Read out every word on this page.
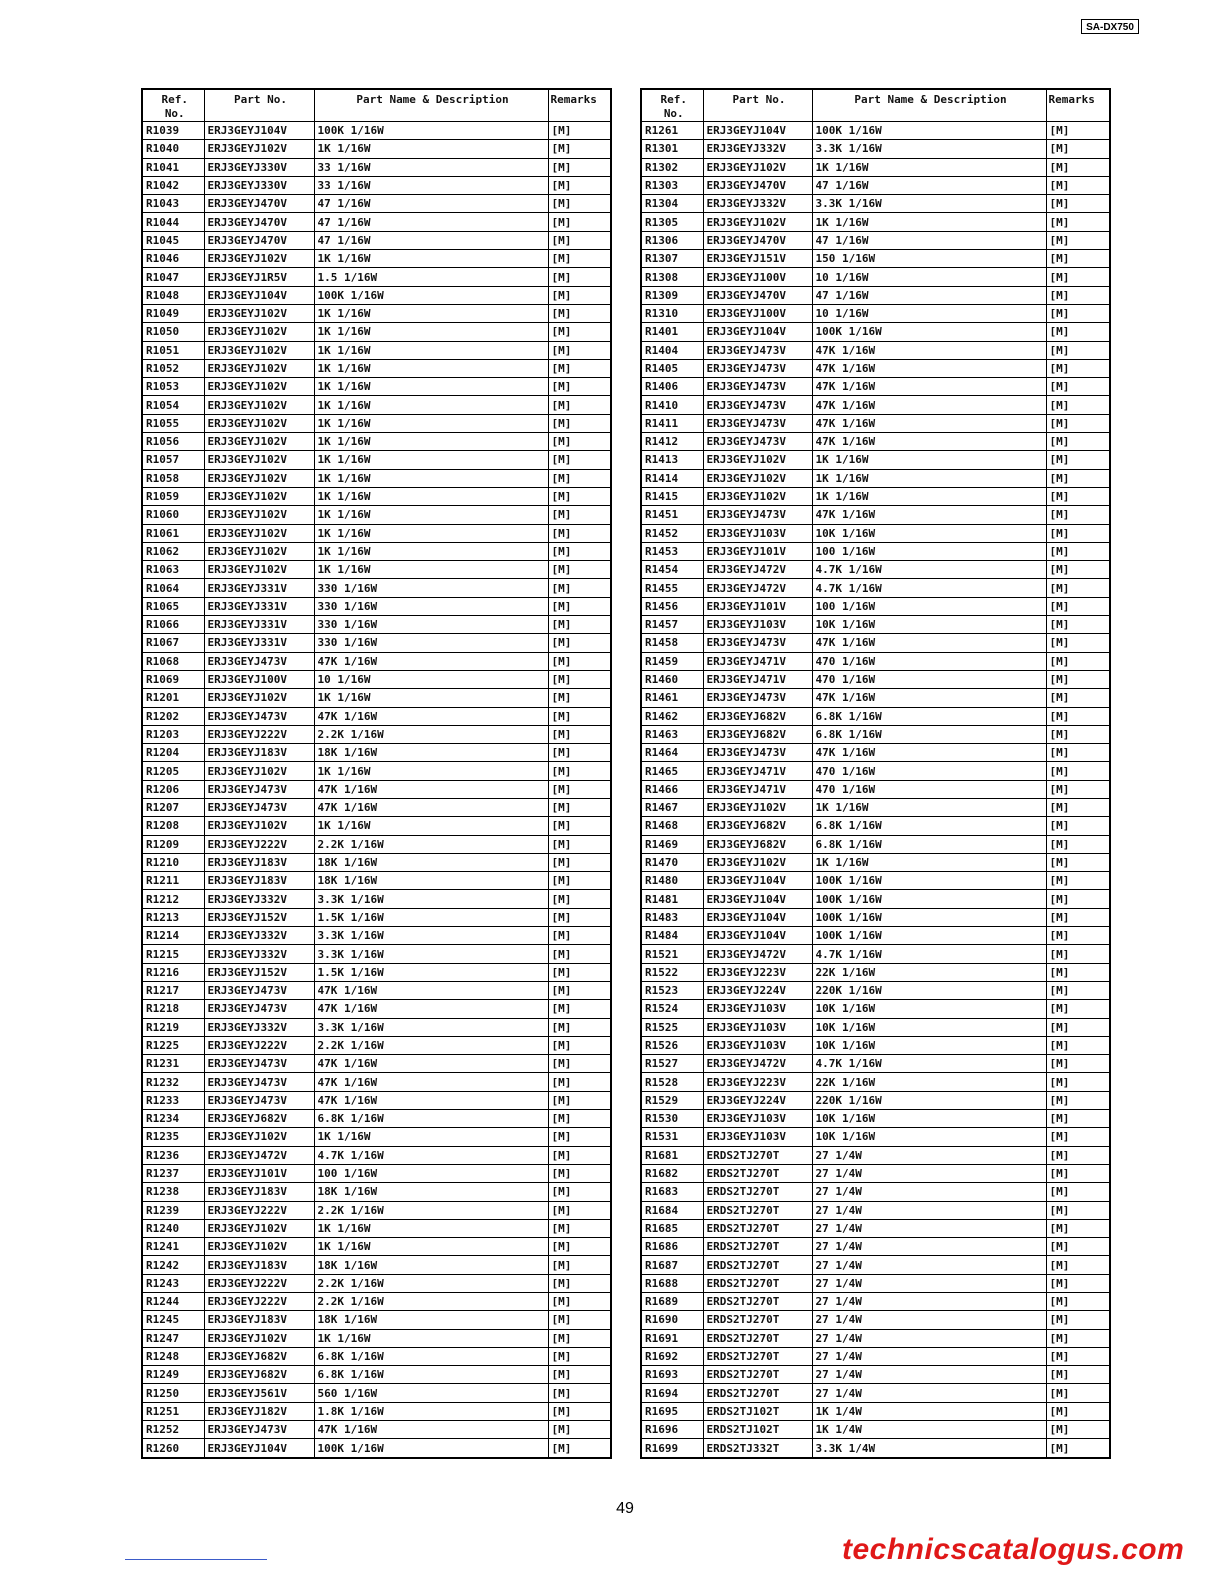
SA-DX750
Ref.
No.	Part No.	Part Name & Description	Remarks
R1039	ERJ3GEYJ104V	100K 1/16W	[M]
R1040	ERJ3GEYJ102V	1K 1/16W	[M]
R1041	ERJ3GEYJ330V	33 1/16W	[M]
R1042	ERJ3GEYJ330V	33 1/16W	[M]
R1043	ERJ3GEYJ470V	47 1/16W	[M]
R1044	ERJ3GEYJ470V	47 1/16W	[M]
R1045	ERJ3GEYJ470V	47 1/16W	[M]
R1046	ERJ3GEYJ102V	1K 1/16W	[M]
R1047	ERJ3GEYJ1R5V	1.5 1/16W	[M]
R1048	ERJ3GEYJ104V	100K 1/16W	[M]
R1049	ERJ3GEYJ102V	1K 1/16W	[M]
R1050	ERJ3GEYJ102V	1K 1/16W	[M]
R1051	ERJ3GEYJ102V	1K 1/16W	[M]
R1052	ERJ3GEYJ102V	1K 1/16W	[M]
R1053	ERJ3GEYJ102V	1K 1/16W	[M]
R1054	ERJ3GEYJ102V	1K 1/16W	[M]
R1055	ERJ3GEYJ102V	1K 1/16W	[M]
R1056	ERJ3GEYJ102V	1K 1/16W	[M]
R1057	ERJ3GEYJ102V	1K 1/16W	[M]
R1058	ERJ3GEYJ102V	1K 1/16W	[M]
R1059	ERJ3GEYJ102V	1K 1/16W	[M]
R1060	ERJ3GEYJ102V	1K 1/16W	[M]
R1061	ERJ3GEYJ102V	1K 1/16W	[M]
R1062	ERJ3GEYJ102V	1K 1/16W	[M]
R1063	ERJ3GEYJ102V	1K 1/16W	[M]
R1064	ERJ3GEYJ331V	330 1/16W	[M]
R1065	ERJ3GEYJ331V	330 1/16W	[M]
R1066	ERJ3GEYJ331V	330 1/16W	[M]
R1067	ERJ3GEYJ331V	330 1/16W	[M]
R1068	ERJ3GEYJ473V	47K 1/16W	[M]
R1069	ERJ3GEYJ100V	10 1/16W	[M]
R1201	ERJ3GEYJ102V	1K 1/16W	[M]
R1202	ERJ3GEYJ473V	47K 1/16W	[M]
R1203	ERJ3GEYJ222V	2.2K 1/16W	[M]
R1204	ERJ3GEYJ183V	18K 1/16W	[M]
R1205	ERJ3GEYJ102V	1K 1/16W	[M]
R1206	ERJ3GEYJ473V	47K 1/16W	[M]
R1207	ERJ3GEYJ473V	47K 1/16W	[M]
R1208	ERJ3GEYJ102V	1K 1/16W	[M]
R1209	ERJ3GEYJ222V	2.2K 1/16W	[M]
R1210	ERJ3GEYJ183V	18K 1/16W	[M]
R1211	ERJ3GEYJ183V	18K 1/16W	[M]
R1212	ERJ3GEYJ332V	3.3K 1/16W	[M]
R1213	ERJ3GEYJ152V	1.5K 1/16W	[M]
R1214	ERJ3GEYJ332V	3.3K 1/16W	[M]
R1215	ERJ3GEYJ332V	3.3K 1/16W	[M]
R1216	ERJ3GEYJ152V	1.5K 1/16W	[M]
R1217	ERJ3GEYJ473V	47K 1/16W	[M]
R1218	ERJ3GEYJ473V	47K 1/16W	[M]
R1219	ERJ3GEYJ332V	3.3K 1/16W	[M]
R1225	ERJ3GEYJ222V	2.2K 1/16W	[M]
R1231	ERJ3GEYJ473V	47K 1/16W	[M]
R1232	ERJ3GEYJ473V	47K 1/16W	[M]
R1233	ERJ3GEYJ473V	47K 1/16W	[M]
R1234	ERJ3GEYJ682V	6.8K 1/16W	[M]
R1235	ERJ3GEYJ102V	1K 1/16W	[M]
R1236	ERJ3GEYJ472V	4.7K 1/16W	[M]
R1237	ERJ3GEYJ101V	100 1/16W	[M]
R1238	ERJ3GEYJ183V	18K 1/16W	[M]
R1239	ERJ3GEYJ222V	2.2K 1/16W	[M]
R1240	ERJ3GEYJ102V	1K 1/16W	[M]
R1241	ERJ3GEYJ102V	1K 1/16W	[M]
R1242	ERJ3GEYJ183V	18K 1/16W	[M]
R1243	ERJ3GEYJ222V	2.2K 1/16W	[M]
R1244	ERJ3GEYJ222V	2.2K 1/16W	[M]
R1245	ERJ3GEYJ183V	18K 1/16W	[M]
R1247	ERJ3GEYJ102V	1K 1/16W	[M]
R1248	ERJ3GEYJ682V	6.8K 1/16W	[M]
R1249	ERJ3GEYJ682V	6.8K 1/16W	[M]
R1250	ERJ3GEYJ561V	560 1/16W	[M]
R1251	ERJ3GEYJ182V	1.8K 1/16W	[M]
R1252	ERJ3GEYJ473V	47K 1/16W	[M]
R1260	ERJ3GEYJ104V	100K 1/16W	[M]
Ref.
No.	Part No.	Part Name & Description	Remarks
R1261	ERJ3GEYJ104V	100K 1/16W	[M]
R1301	ERJ3GEYJ332V	3.3K 1/16W	[M]
R1302	ERJ3GEYJ102V	1K 1/16W	[M]
R1303	ERJ3GEYJ470V	47 1/16W	[M]
R1304	ERJ3GEYJ332V	3.3K 1/16W	[M]
R1305	ERJ3GEYJ102V	1K 1/16W	[M]
R1306	ERJ3GEYJ470V	47 1/16W	[M]
R1307	ERJ3GEYJ151V	150 1/16W	[M]
R1308	ERJ3GEYJ100V	10 1/16W	[M]
R1309	ERJ3GEYJ470V	47 1/16W	[M]
R1310	ERJ3GEYJ100V	10 1/16W	[M]
R1401	ERJ3GEYJ104V	100K 1/16W	[M]
R1404	ERJ3GEYJ473V	47K 1/16W	[M]
R1405	ERJ3GEYJ473V	47K 1/16W	[M]
R1406	ERJ3GEYJ473V	47K 1/16W	[M]
R1410	ERJ3GEYJ473V	47K 1/16W	[M]
R1411	ERJ3GEYJ473V	47K 1/16W	[M]
R1412	ERJ3GEYJ473V	47K 1/16W	[M]
R1413	ERJ3GEYJ102V	1K 1/16W	[M]
R1414	ERJ3GEYJ102V	1K 1/16W	[M]
R1415	ERJ3GEYJ102V	1K 1/16W	[M]
R1451	ERJ3GEYJ473V	47K 1/16W	[M]
R1452	ERJ3GEYJ103V	10K 1/16W	[M]
R1453	ERJ3GEYJ101V	100 1/16W	[M]
R1454	ERJ3GEYJ472V	4.7K 1/16W	[M]
R1455	ERJ3GEYJ472V	4.7K 1/16W	[M]
R1456	ERJ3GEYJ101V	100 1/16W	[M]
R1457	ERJ3GEYJ103V	10K 1/16W	[M]
R1458	ERJ3GEYJ473V	47K 1/16W	[M]
R1459	ERJ3GEYJ471V	470 1/16W	[M]
R1460	ERJ3GEYJ471V	470 1/16W	[M]
R1461	ERJ3GEYJ473V	47K 1/16W	[M]
R1462	ERJ3GEYJ682V	6.8K 1/16W	[M]
R1463	ERJ3GEYJ682V	6.8K 1/16W	[M]
R1464	ERJ3GEYJ473V	47K 1/16W	[M]
R1465	ERJ3GEYJ471V	470 1/16W	[M]
R1466	ERJ3GEYJ471V	470 1/16W	[M]
R1467	ERJ3GEYJ102V	1K 1/16W	[M]
R1468	ERJ3GEYJ682V	6.8K 1/16W	[M]
R1469	ERJ3GEYJ682V	6.8K 1/16W	[M]
R1470	ERJ3GEYJ102V	1K 1/16W	[M]
R1480	ERJ3GEYJ104V	100K 1/16W	[M]
R1481	ERJ3GEYJ104V	100K 1/16W	[M]
R1483	ERJ3GEYJ104V	100K 1/16W	[M]
R1484	ERJ3GEYJ104V	100K 1/16W	[M]
R1521	ERJ3GEYJ472V	4.7K 1/16W	[M]
R1522	ERJ3GEYJ223V	22K 1/16W	[M]
R1523	ERJ3GEYJ224V	220K 1/16W	[M]
R1524	ERJ3GEYJ103V	10K 1/16W	[M]
R1525	ERJ3GEYJ103V	10K 1/16W	[M]
R1526	ERJ3GEYJ103V	10K 1/16W	[M]
R1527	ERJ3GEYJ472V	4.7K 1/16W	[M]
R1528	ERJ3GEYJ223V	22K 1/16W	[M]
R1529	ERJ3GEYJ224V	220K 1/16W	[M]
R1530	ERJ3GEYJ103V	10K 1/16W	[M]
R1531	ERJ3GEYJ103V	10K 1/16W	[M]
R1681	ERDS2TJ270T	27 1/4W	[M]
R1682	ERDS2TJ270T	27 1/4W	[M]
R1683	ERDS2TJ270T	27 1/4W	[M]
R1684	ERDS2TJ270T	27 1/4W	[M]
R1685	ERDS2TJ270T	27 1/4W	[M]
R1686	ERDS2TJ270T	27 1/4W	[M]
R1687	ERDS2TJ270T	27 1/4W	[M]
R1688	ERDS2TJ270T	27 1/4W	[M]
R1689	ERDS2TJ270T	27 1/4W	[M]
R1690	ERDS2TJ270T	27 1/4W	[M]
R1691	ERDS2TJ270T	27 1/4W	[M]
R1692	ERDS2TJ270T	27 1/4W	[M]
R1693	ERDS2TJ270T	27 1/4W	[M]
R1694	ERDS2TJ270T	27 1/4W	[M]
R1695	ERDS2TJ102T	1K 1/4W	[M]
R1696	ERDS2TJ102T	1K 1/4W	[M]
R1699	ERDS2TJ332T	3.3K 1/4W	[M]
49
technicscatalogus.com
